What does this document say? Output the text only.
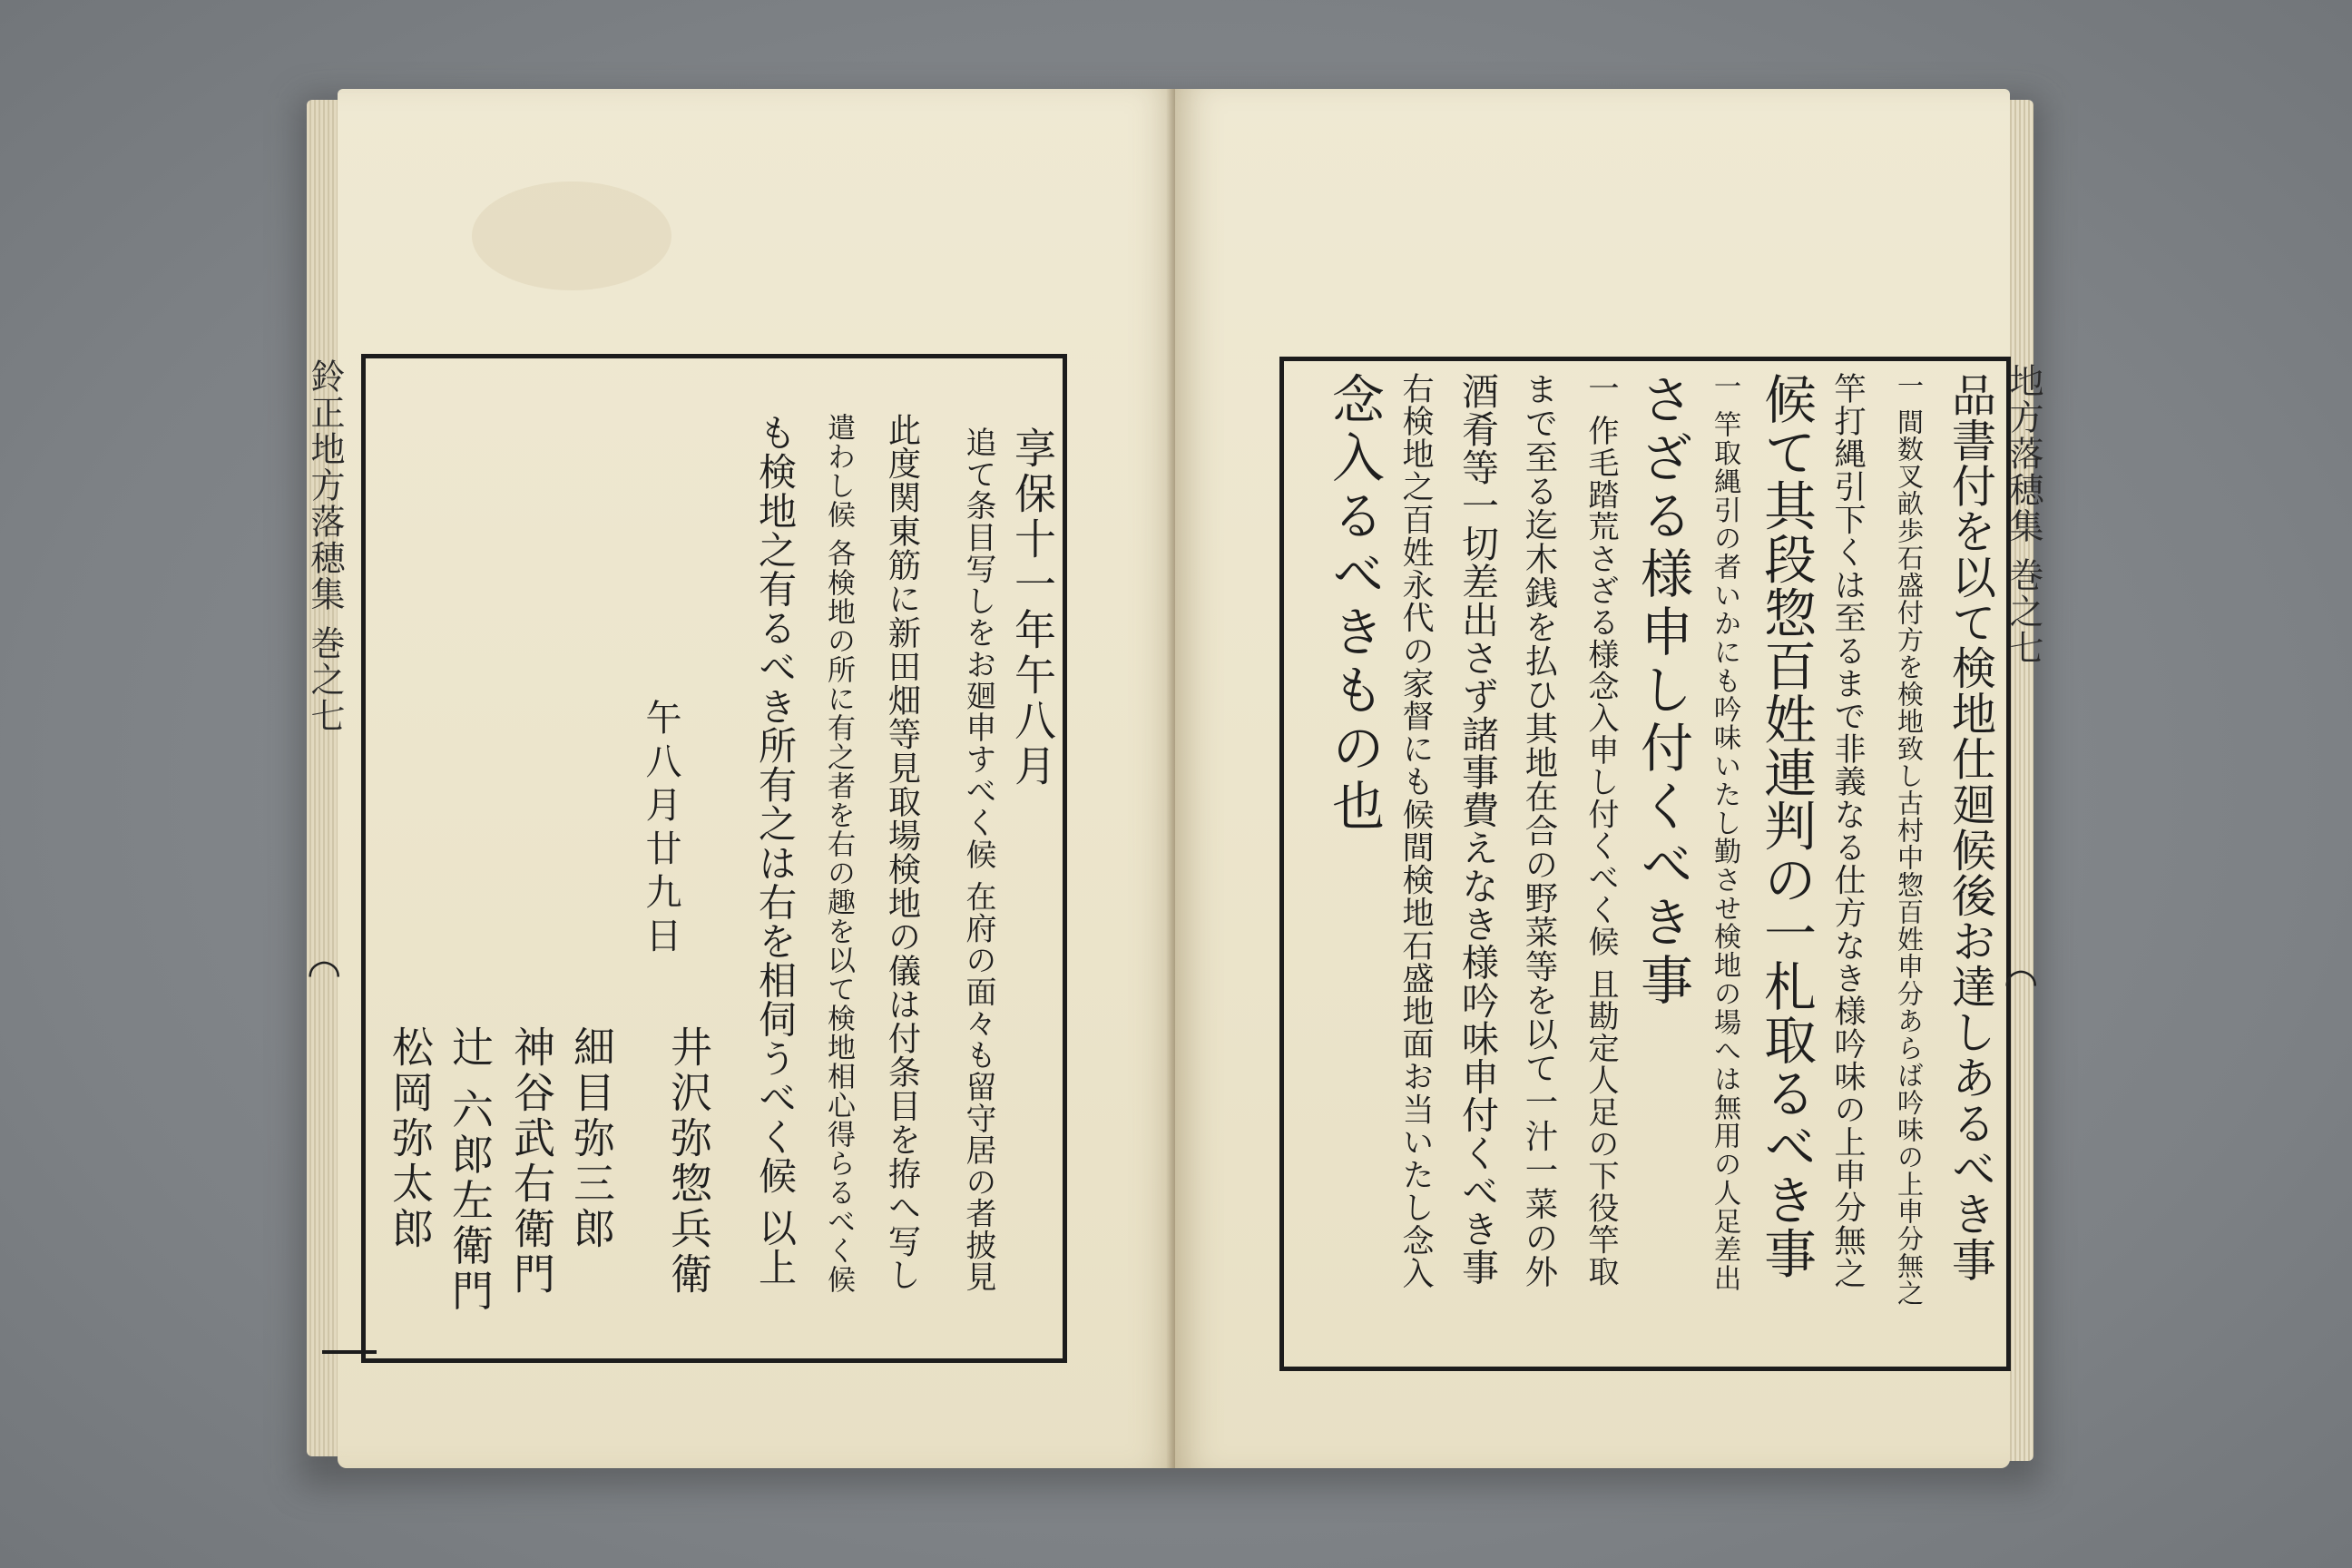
鈴正地方落穂集 巻之七
◠	追て条目写しをお廻申すべく候 在府の面々も留守居の者披見
此度関東筋に新田畑等見取場検地の儀は付条目を拵へ写し
遣わし候 各検地の所に有之者を右の趣を以て検地相心得らるべく候
も検地之有るべき所有之は右を相伺うべく候 以上	享保十一年午八月
午八月廿九日
井沢弥惣兵衛
細目弥三郎
神谷武右衛門
辻 六郎左衛門
松岡弥太郎
地方落穂集 巻之七
◠
品書付を以て検地仕廻候後お達しあるべき事
一 間数叉畝歩石盛付方を検地致し古村中惣百姓申分あらば吟味の上申分無之
竿打縄引下くは至るまで非義なる仕方なき様吟味の上申分無之
候て其段惣百姓連判の一札取るべき事
一 竿取縄引の者いかにも吟味いたし勤させ検地の場へは無用の人足差出
さざる様申し付くべき事
一 作毛踏荒さざる様念入申し付くべく候 且勘定人足の下役竿取
まで至る迄木銭を払ひ其地在合の野菜等を以て一汁一菜の外
酒肴等一切差出さず諸事費えなき様吟味申付くべき事
右検地之百姓永代の家督にも候間検地石盛地面お当いたし念入
念入るべきもの也
